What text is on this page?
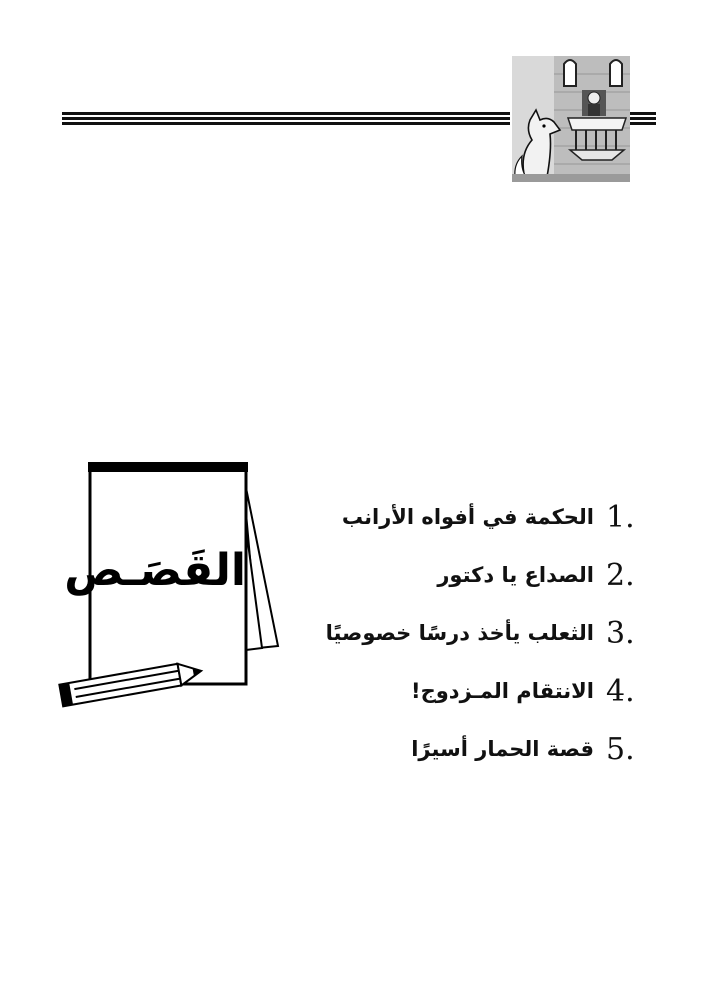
القَصَـص
1.
الحكمة في أفواه الأرانب
2.
الصداع يا دكتور
3.
الثعلب يأخذ درسًا خصوصيًا
4.
الانتقام المـزدوج!
5.
قصة الحمار أسيرًا
